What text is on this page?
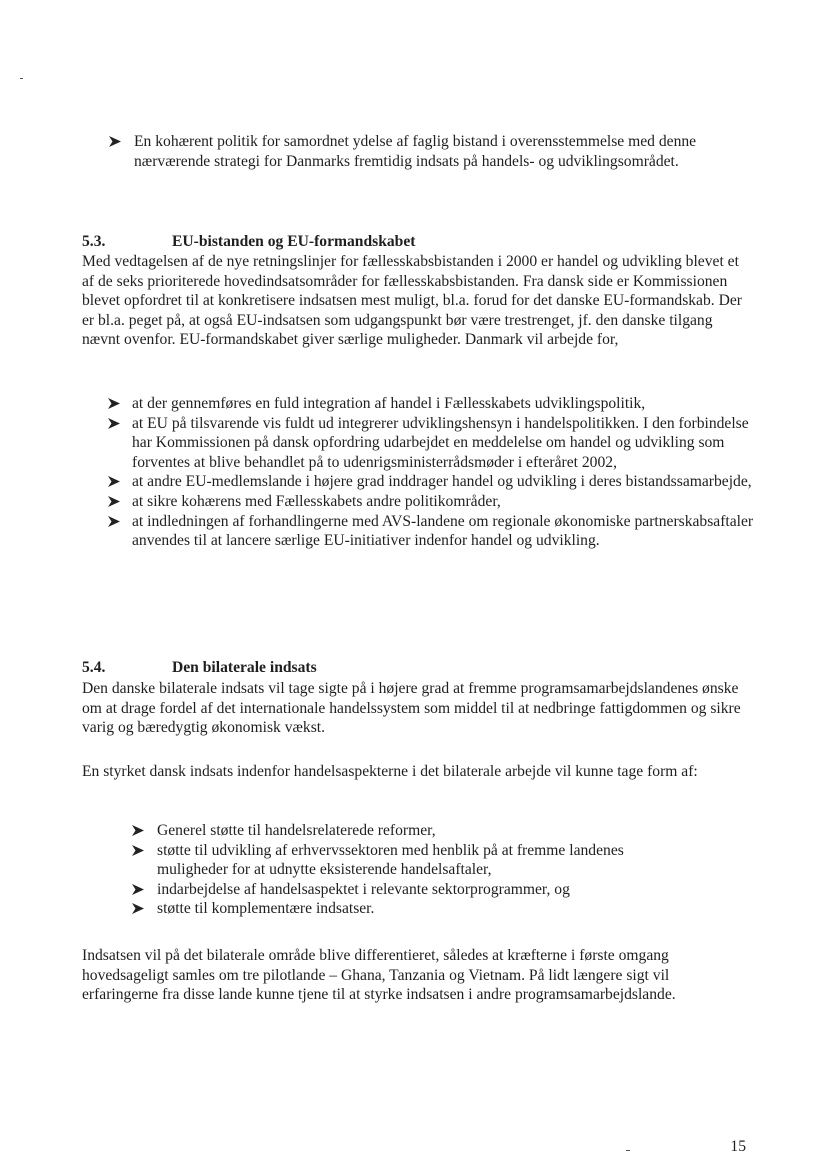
En kohærent politik for samordnet ydelse af faglig bistand i overensstemmelse med denne nærværende strategi for Danmarks fremtidig indsats på handels- og udviklingsområdet.
5.3.	EU-bistanden og EU-formandskabet

Med vedtagelsen af de nye retningslinjer for fællesskabsbistanden i 2000 er handel og udvikling blevet et af de seks prioriterede hovedindsatsområder for fællesskabsbistanden. Fra dansk side er Kommissionen blevet opfordret til at konkretisere indsatsen mest muligt, bl.a. forud for det danske EU-formandskab. Der er bl.a. peget på, at også EU-indsatsen som udgangspunkt bør være trestrenget, jf. den danske tilgang nævnt ovenfor. EU-formandskabet giver særlige muligheder. Danmark vil arbejde for,

at der gennemføres en fuld integration af handel i Fællesskabets udviklingspolitik,
at EU på tilsvarende vis fuldt ud integrerer udviklingshensyn i handelspolitikken. I den forbindelse har Kommissionen på dansk opfordring udarbejdet en meddelelse om handel og udvikling som forventes at blive behandlet på to udenrigsministerrådsmøder i efteråret 2002,
at andre EU-medlemslande i højere grad inddrager handel og udvikling i deres bistandssamarbejde,
at sikre kohærens med Fællesskabets andre politikområder,
at indledningen af forhandlingerne med AVS-landene om regionale økonomiske partnerskabsaftaler anvendes til at lancere særlige EU-initiativer indenfor handel og udvikling.
5.4.	Den bilaterale indsats

Den danske bilaterale indsats vil tage sigte på i højere grad at fremme programsamarbejdslandenes ønske om at drage fordel af det internationale handelssystem som middel til at nedbringe fattigdommen og sikre varig og bæredygtig økonomisk vækst.

En styrket dansk indsats indenfor handelsaspekterne i det bilaterale arbejde vil kunne tage form af:

Generel støtte til handelsrelaterede reformer,
støtte til udvikling af erhvervssektoren med henblik på at fremme landenes muligheder for at udnytte eksisterende handelsaftaler,
indarbejdelse af handelsaspektet i relevante sektorprogrammer, og
støtte til komplementære indsatser.

Indsatsen vil på det bilaterale område blive differentieret, således at kræfterne i første omgang hovedsageligt samles om tre pilotlande – Ghana, Tanzania og Vietnam. På lidt længere sigt vil erfaringerne fra disse lande kunne tjene til at styrke indsatsen i andre programsamarbejdslande.

15
